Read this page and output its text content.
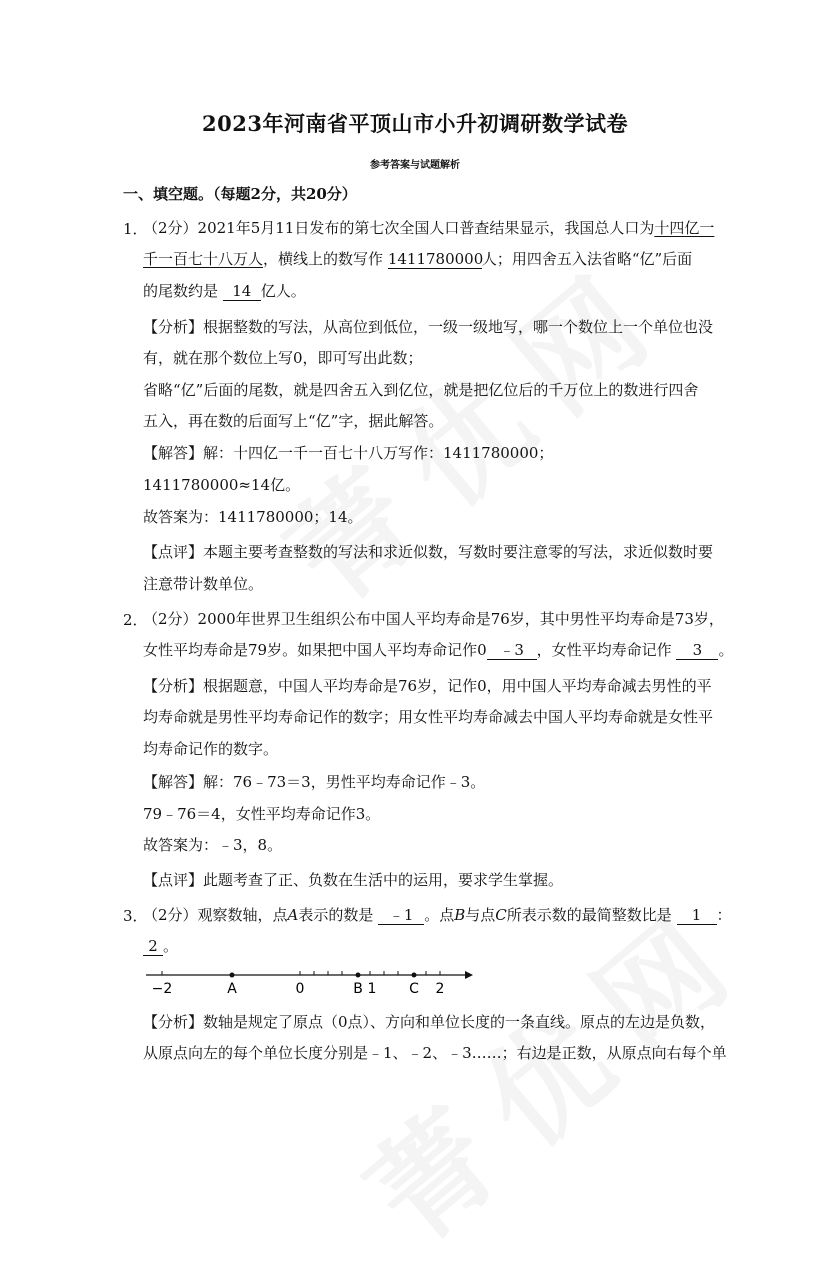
2023年河南省平顶山市小升初调研数学试卷
参考答案与试题解析
一、填空题。（每题2分，共20分）
1．
（2分）2021年5月11日发布的第七次全国人口普查结果显示，我国总人口为十四亿一
千一百七十八万人，横线上的数写作 1411780000人；用四舍五入法省略“亿”后面
的尾数约是 14 亿人。
【分析】根据整数的写法，从高位到低位，一级一级地写，哪一个数位上一个单位也没
有，就在那个数位上写0，即可写出此数；
省略“亿”后面的尾数，就是四舍五入到亿位，就是把亿位后的千万位上的数进行四舍
五入，再在数的后面写上“亿”字，据此解答。
【解答】解：十四亿一千一百七十八万写作：1411780000；
1411780000≈14亿。
故答案为：1411780000；14。
【点评】本题主要考查整数的写法和求近似数，写数时要注意零的写法，求近似数时要
注意带计数单位。
2．
（2分）2000年世界卫生组织公布中国人平均寿命是76岁，其中男性平均寿命是73岁，
女性平均寿命是79岁。如果把中国人平均寿命记作0 ﹣3 ，女性平均寿命记作 3 。
【分析】根据题意，中国人平均寿命是76岁，记作0，用中国人平均寿命减去男性的平
均寿命就是男性平均寿命记作的数字；用女性平均寿命减去中国人平均寿命就是女性平
均寿命记作的数字。
【解答】解：76﹣73＝3，男性平均寿命记作﹣3。
79﹣76＝4，女性平均寿命记作3。
故答案为：﹣3，8。
【点评】此题考查了正、负数在生活中的运用，要求学生掌握。
3．
（2分）观察数轴，点A表示的数是 ﹣1 。点B与点C所表示数的最简整数比是 1 ：
2 。
−2	A	0	B 1 C 2
【分析】数轴是规定了原点（0点）、方向和单位长度的一条直线。原点的左边是负数，
从原点向左的每个单位长度分别是﹣1、﹣2、﹣3……；右边是正数，从原点向右每个单
